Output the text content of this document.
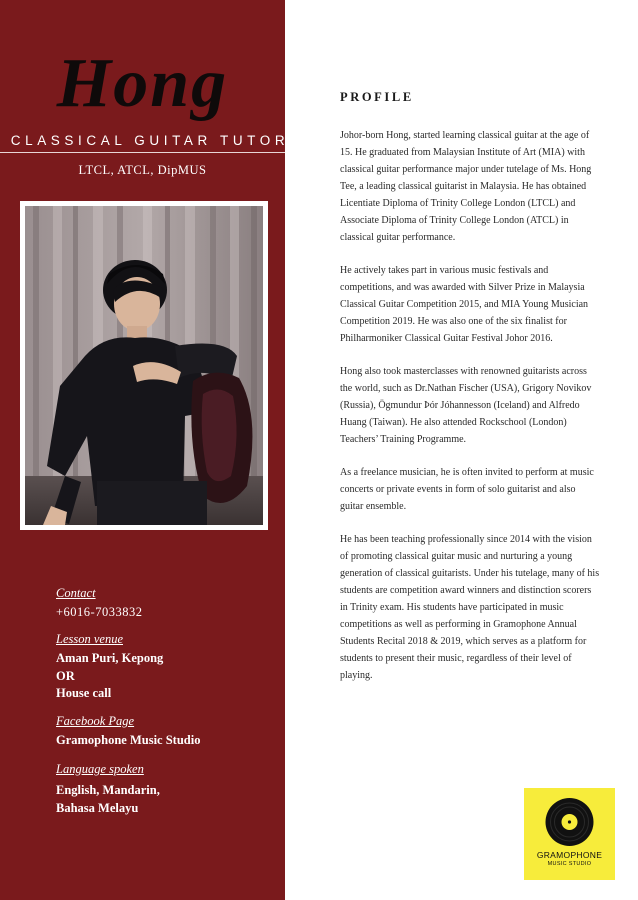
Hong
CLASSICAL GUITAR TUTOR
LTCL, ATCL, DipMUS
Contact
+6016-7033832
Lesson venue
Aman Puri, Kepong
OR
House call
Facebook Page
Gramophone Music Studio
Language spoken
English, Mandarin,
Bahasa Melayu
PROFILE

Johor-born Hong, started learning classical guitar at the age of 15. He graduated from Malaysian Institute of Art (MIA) with classical guitar performance major under tutelage of Ms. Hong Tee, a leading classical guitarist in Malaysia. He has obtained Licentiate Diploma of Trinity College London (LTCL) and Associate Diploma of Trinity College London (ATCL) in classical guitar performance.

He actively takes part in various music festivals and competitions, and was awarded with Silver Prize in Malaysia Classical Guitar Competition 2015, and MIA Young Musician Competition 2019. He was also one of the six finalist for Philharmoniker Classical Guitar Festival Johor 2016.

Hong also took masterclasses with renowned guitarists across the world, such as Dr.Nathan Fischer (USA), Grigory Novikov (Russia), Ögmundur Þór Jóhannesson (Iceland) and Alfredo Huang (Taiwan). He also attended Rockschool (London) Teachers’ Training Programme.

As a freelance musician, he is often invited to perform at music concerts or private events in form of solo guitarist and also guitar ensemble.

He has been teaching professionally since 2014 with the vision of promoting classical guitar music and nurturing a young generation of classical guitarists. Under his tutelage, many of his students are competition award winners and distinction scorers in Trinity exam. His students have participated in music competitions as well as performing in Gramophone Annual Students Recital 2018 & 2019, which serves as a platform for students to present their music, regardless of their level of playing.

GRAMOPHONE
MUSIC STUDIO
